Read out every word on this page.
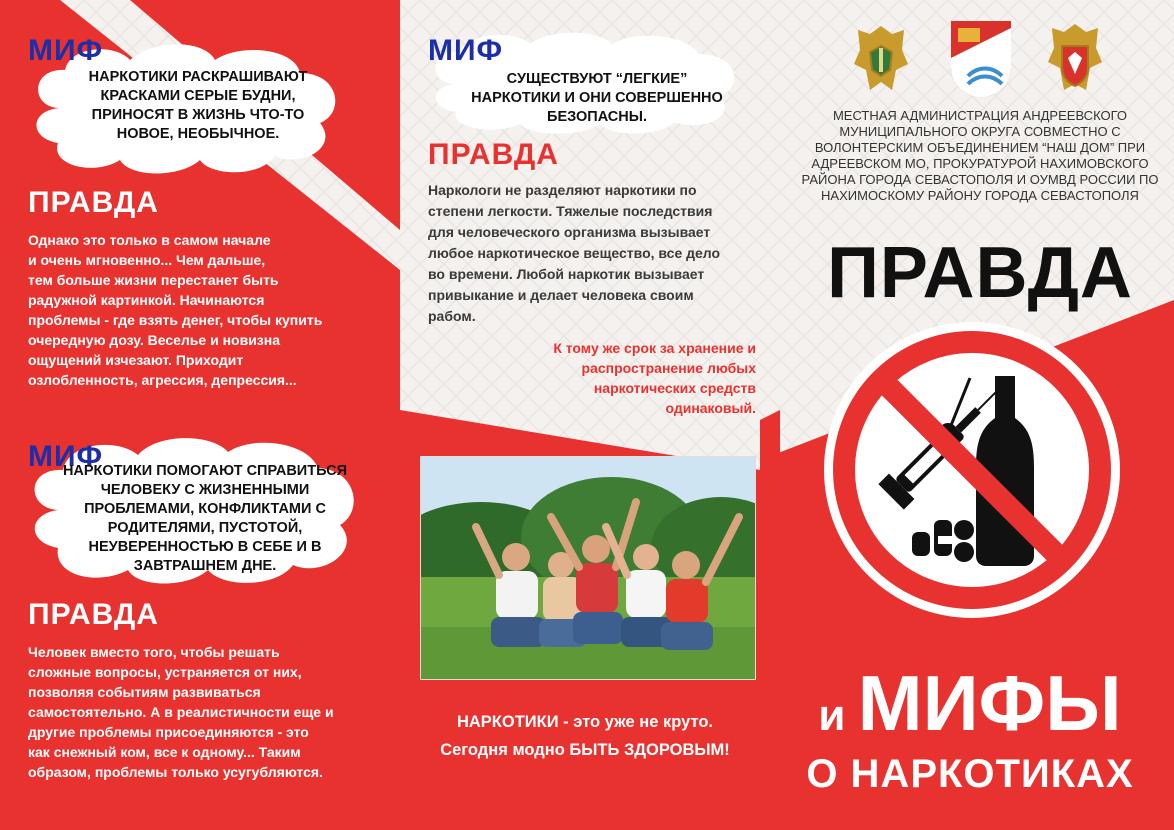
МИФ
НАРКОТИКИ РАСКРАШИВАЮТ КРАСКАМИ СЕРЫЕ БУДНИ, ПРИНОСЯТ В ЖИЗНЬ ЧТО-ТО НОВОЕ, НЕОБЫЧНОЕ.
ПРАВДА
Однако это только в самом начале
и очень мгновенно... Чем дальше,
тем больше жизни перестанет быть
радужной картинкой. Начинаются
проблемы - где взять денег, чтобы купить
очередную дозу. Веселье и новизна
ощущений изчезают. Приходит
озлобленность, агрессия, депрессия...
МИФ
НАРКОТИКИ ПОМОГАЮТ СПРАВИТЬСЯ ЧЕЛОВЕКУ С ЖИЗНЕННЫМИ ПРОБЛЕМАМИ, КОНФЛИКТАМИ С РОДИТЕЛЯМИ, ПУСТОТОЙ, НЕУВЕРЕННОСТЬЮ В СЕБЕ И В ЗАВТРАШНЕМ ДНЕ.
ПРАВДА
Человек вместо того, чтобы решать
сложные вопросы, устраняется от них,
позволяя событиям развиваться
самостоятельно. А в реалистичности еще и
другие проблемы присоединяются - это
как снежный ком, все к одному... Таким
образом, проблемы только усугубляются.
МИФ
СУЩЕСТВУЮТ “ЛЕГКИЕ” НАРКОТИКИ И ОНИ СОВЕРШЕННО БЕЗОПАСНЫ.
ПРАВДА
Наркологи не разделяют наркотики по
степени легкости. Тяжелые последствия
для человеческого организма вызывает
любое наркотическое вещество, все дело
во времени. Любой наркотик вызывает
привыкание и делает человека своим
рабом.
К тому же срок за хранение и распространение любых наркотических средств одинаковый.
НАРКОТИКИ - это уже не круто.
Сегодня модно БЫТЬ ЗДОРОВЫМ!
МЕСТНАЯ АДМИНИСТРАЦИЯ АНДРЕЕВСКОГО МУНИЦИПАЛЬНОГО ОКРУГА СОВМЕСТНО С ВОЛОНТЕРСКИМ ОБЪЕДИНЕНИЕМ “НАШ ДОМ” ПРИ АДРЕЕВСКОМ МО, ПРОКУРАТУРОЙ НАХИМОВСКОГО РАЙОНА ГОРОДА СЕВАСТОПОЛЯ И ОУМВД РОССИИ ПО НАХИМОСКОМУ РАЙОНУ ГОРОДА СЕВАСТОПОЛЯ
ПРАВДА
и МИФЫ
О НАРКОТИКАХ
